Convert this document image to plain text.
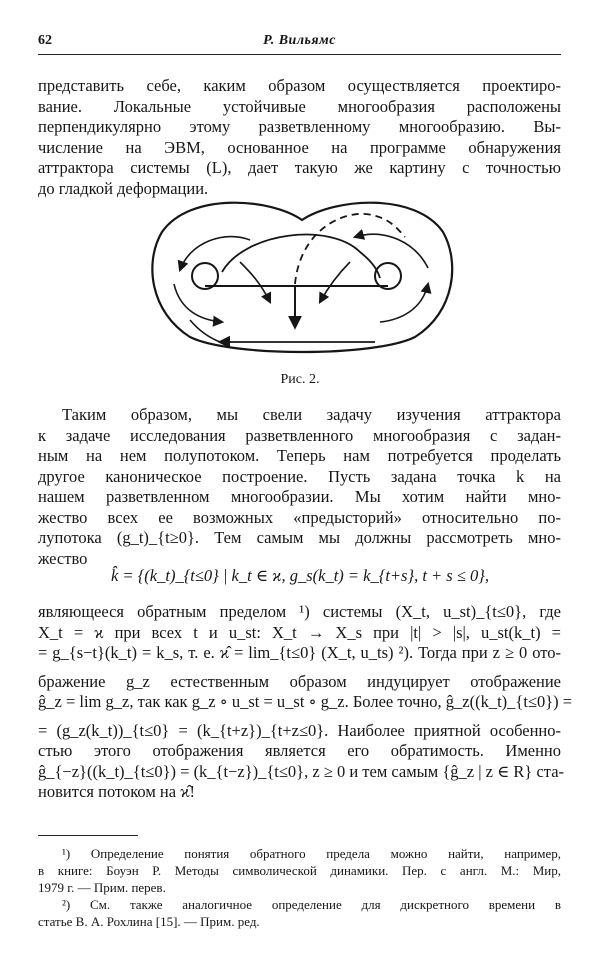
62	Р. Вильямс

представить себе, каким образом осуществляется проектиро-
вание. Локальные устойчивые многообразия расположены
перпендикулярно этому разветвленному многообразию. Вы-
числение на ЭВМ, основанное на программе обнаружения
аттрактора системы (L), дает такую же картину с точностью
до гладкой деформации.

Рис. 2.

Таким образом, мы свели задачу изучения аттрактора
к задаче исследования разветвленного многообразия с задан-
ным на нем полупотоком. Теперь нам потребуется проделать
другое каноническое построение. Пусть задана точка k на
нашем разветвленном многообразии. Мы хотим найти мно-
жество всех ее возможных «предысторий» относительно по-
лупотока (g_t)_{t≥0}. Тем самым мы должны рассмотреть мно-
жество

k̂ = {(k_t)_{t≤0} | k_t ∈ ϰ, g_s(k_t) = k_{t+s}, t + s ≤ 0},

являющееся обратным пределом ¹) системы (X_t, u_st)_{t≤0}, где
X_t = ϰ при всех t и u_st: X_t → X_s при |t| > |s|, u_st(k_t) =
= g_{s−t}(k_t) = k_s, т. е. ϰ̂ = lim_{t≤0} (X_t, u_ts) ²). Тогда при z ≥ 0 ото-
бражение g_z естественным образом индуцирует отображение
ĝ_z = lim g_z, так как g_z ∘ u_st = u_st ∘ g_z. Более точно, ĝ_z((k_t)_{t≤0}) =
= (g_z(k_t))_{t≤0} = (k_{t+z})_{t+z≤0}. Наиболее приятной особенно-
стью этого отображения является его обратимость. Именно
ĝ_{−z}((k_t)_{t≤0}) = (k_{t−z})_{t≤0}, z ≥ 0 и тем самым {ĝ_z | z ∈ R} ста-
новится потоком на ϰ̂!

¹) Определение понятия обратного предела можно найти, например,
в книге: Боуэн Р. Методы символической динамики. Пер. с англ. М.: Мир,
1979 г. — Прим. перев.
²) См. также аналогичное определение для дискретного времени в
статье В. А. Рохлина [15]. — Прим. ред.
